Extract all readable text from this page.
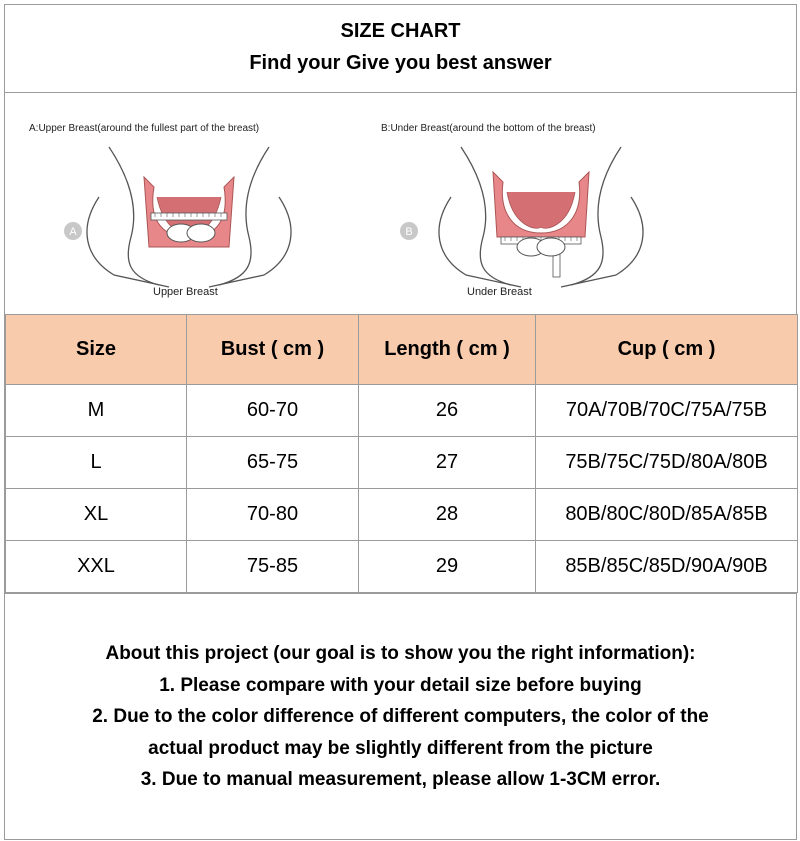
SIZE CHART
Find your Give you best answer
A:Upper Breast(around the fullest part of the breast)
A
Upper Breast
B:Under Breast(around the bottom of the breast)
B
Under Breast
Size	Bust ( cm )	Length ( cm )	Cup ( cm )
M	60-70	26	70A/70B/70C/75A/75B
L	65-75	27	75B/75C/75D/80A/80B
XL	70-80	28	80B/80C/80D/85A/85B
XXL	75-85	29	85B/85C/85D/90A/90B
About this project (our goal is to show you the right information):
1. Please compare with your detail size before buying
2. Due to the color difference of different computers, the color of the
actual product may be slightly different from the picture
3. Due to manual measurement, please allow 1-3CM error.
